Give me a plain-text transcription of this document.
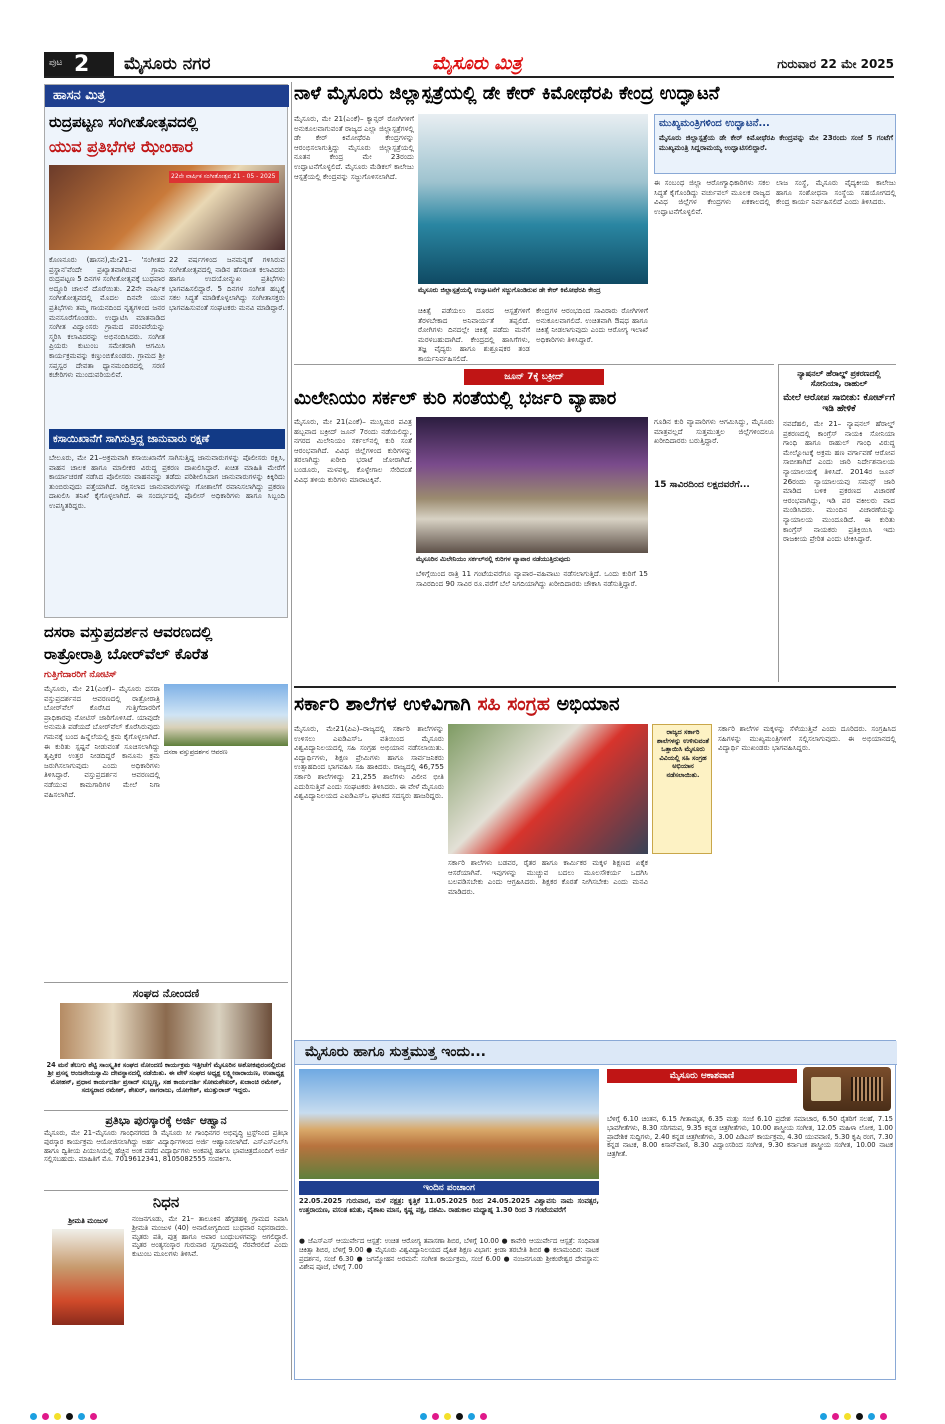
ಪುಟ 2 ಮೈಸೂರು ನಗರ	ಮೈಸೂರು ಮಿತ್ರ	ಗುರುವಾರ 22 ಮೇ 2025
ಹಾಸನ ಮಿತ್ರ
ರುದ್ರಪಟ್ಟಣ ಸಂಗೀತೋತ್ಸವದಲ್ಲಿ
ಯುವ ಪ್ರತಿಭೆಗಳ ಝೇಂಕಾರ
22ನೇ ವಾರ್ಷಿಕ ಸಂಗೀತೋತ್ಸವ 21 - 05 - 2025
ಕೊಣನೂರು (ಹಾಸನ),ಮೇ21– 'ಸಂಗೀತದ ಪ್ರಸ್ಥಾನ'ವೆಂದೇ ಪ್ರಖ್ಯಾತವಾಗಿರುವ ಗ್ರಾಮ ರುದ್ರಪಟ್ಟಣ 5 ದಿನಗಳ ಸಂಗೀತೋತ್ಸವಕ್ಕೆ ಬುಧವಾರ ಅದ್ದೂರಿ ಚಾಲನೆ ದೊರೆಯಿತು. 22ನೇ ವಾರ್ಷಿಕ ಸಂಗೀತೋತ್ಸವದಲ್ಲಿ ಮೊದಲ ದಿನವೇ ಯುವ ಪ್ರತಿಭೆಗಳು ತಮ್ಮ ಗಾಯನದಿಂದ ನೃತ್ಯಗಳಿಂದ ಜನರ ಮನಸೂರೆಗೊಂಡರು. ಉದ್ಘಾಟಿಸಿ ಮಾತನಾಡಿದ ಸಂಗೀತ ವಿದ್ವಾಂಸರು ಗ್ರಾಮದ ಪರಂಪರೆಯನ್ನು ಸ್ಮರಿಸಿ ಕಲಾವಿದರನ್ನು ಅಭಿನಂದಿಸಿದರು. ಸಂಗೀತ ಪ್ರಿಯರು ಕುಟುಂಬ ಸಮೇತರಾಗಿ ಆಗಮಿಸಿ ಕಾರ್ಯಕ್ರಮವನ್ನು ಕಣ್ತುಂಬಿಕೊಂಡರು. ಗ್ರಾಮದ ಶ್ರೀ ಸಪ್ತಸ್ವರ ದೇವತಾ ಧ್ಯಾನಮಂದಿರದಲ್ಲಿ ಸರಣಿ ಕಚೇರಿಗಳು ಮುಂದುವರಿಯಲಿವೆ.
22 ವರ್ಷಗಳಿಂದ ಜನಮನ್ನಣೆ ಗಳಿಸಿರುವ ಸಂಗೀತೋತ್ಸವದಲ್ಲಿ ನಾಡಿನ ಹೆಸರಾಂತ ಕಲಾವಿದರು ಹಾಗೂ ಉದಯೋನ್ಮುಖ ಪ್ರತಿಭೆಗಳು ಭಾಗವಹಿಸಲಿದ್ದಾರೆ. 5 ದಿನಗಳ ಸಂಗೀತ ಹಬ್ಬಕ್ಕೆ ಸಕಲ ಸಿದ್ಧತೆ ಮಾಡಿಕೊಳ್ಳಲಾಗಿದ್ದು ಸಂಗೀತಾಸಕ್ತರು ಭಾಗವಹಿಸುವಂತೆ ಸಂಘಟಕರು ಮನವಿ ಮಾಡಿದ್ದಾರೆ.
ಕಸಾಯಿಖಾನೆಗೆ ಸಾಗಿಸುತ್ತಿದ್ದ ಜಾನುವಾರು ರಕ್ಷಣೆ
ಬೇಲೂರು, ಮೇ 21–ಅಕ್ರಮವಾಗಿ ಕಸಾಯಿಖಾನೆಗೆ ಸಾಗಿಸುತ್ತಿದ್ದ ಜಾನುವಾರುಗಳನ್ನು ಪೊಲೀಸರು ರಕ್ಷಿಸಿ, ವಾಹನ ಚಾಲಕ ಹಾಗೂ ಮಾಲೀಕರ ವಿರುದ್ಧ ಪ್ರಕರಣ ದಾಖಲಿಸಿದ್ದಾರೆ. ಖಚಿತ ಮಾಹಿತಿ ಮೇರೆಗೆ ಕಾರ್ಯಾಚರಣೆ ನಡೆಸಿದ ಪೊಲೀಸರು ವಾಹನವನ್ನು ತಡೆದು ಪರಿಶೀಲಿಸಿದಾಗ ಜಾನುವಾರುಗಳನ್ನು ಕಿಕ್ಕಿರಿದು ತುಂಬಿರುವುದು ಪತ್ತೆಯಾಗಿದೆ. ರಕ್ಷಿಸಲಾದ ಜಾನುವಾರುಗಳನ್ನು ಗೋಶಾಲೆಗೆ ರವಾನಿಸಲಾಗಿದ್ದು ಪ್ರಕರಣ ದಾಖಲಿಸಿ ತನಿಖೆ ಕೈಗೊಳ್ಳಲಾಗಿದೆ. ಈ ಸಂದರ್ಭದಲ್ಲಿ ಪೊಲೀಸ್ ಅಧಿಕಾರಿಗಳು ಹಾಗೂ ಸಿಬ್ಬಂದಿ ಉಪಸ್ಥಿತರಿದ್ದರು.
ದಸರಾ ವಸ್ತುಪ್ರದರ್ಶನ ಆವರಣದಲ್ಲಿ
ರಾತ್ರೋರಾತ್ರಿ ಬೋರ್‌ವೆಲ್ ಕೊರೆತ
ಗುತ್ತಿಗೆದಾರರಿಗೆ ನೋಟಿಸ್
ಮೈಸೂರು, ಮೇ 21(ಎಂಕೆ)– ಮೈಸೂರು ದಸರಾ ವಸ್ತುಪ್ರದರ್ಶನದ ಆವರಣದಲ್ಲಿ ರಾತ್ರೋರಾತ್ರಿ ಬೋರ್‌ವೆಲ್ ಕೊರೆಸಿದ ಗುತ್ತಿಗೆದಾರರಿಗೆ ಪ್ರಾಧಿಕಾರವು ನೋಟಿಸ್ ಜಾರಿಗೊಳಿಸಿದೆ. ಯಾವುದೇ ಅನುಮತಿ ಪಡೆಯದೆ ಬೋರ್‌ವೆಲ್ ಕೊರೆಸಿರುವುದು ಗಮನಕ್ಕೆ ಬಂದ ಹಿನ್ನೆಲೆಯಲ್ಲಿ ಕ್ರಮ ಕೈಗೊಳ್ಳಲಾಗಿದೆ. ಈ ಕುರಿತು ಸ್ಪಷ್ಟನೆ ನೀಡುವಂತೆ ಸೂಚಿಸಲಾಗಿದ್ದು ತೃಪ್ತಿಕರ ಉತ್ತರ ನೀಡದಿದ್ದರೆ ಕಾನೂನು ಕ್ರಮ ಜರುಗಿಸಲಾಗುವುದು ಎಂದು ಅಧಿಕಾರಿಗಳು ತಿಳಿಸಿದ್ದಾರೆ. ವಸ್ತುಪ್ರದರ್ಶನ ಆವರಣದಲ್ಲಿ ನಡೆಯುವ ಕಾಮಗಾರಿಗಳ ಮೇಲೆ ನಿಗಾ ವಹಿಸಲಾಗಿದೆ.
ದಸರಾ ವಸ್ತುಪ್ರದರ್ಶನ ಆವರಣ
ಸಂಘದ ನೋಂದಣಿ
24 ಮನೆ ತೆಲುಗು ಶೆಟ್ಟಿ ಸಾಂಸ್ಕೃತಿಕ ಸಂಘದ ನೋಂದಣಿ ಕಾರ್ಯಕ್ರಮ ಇತ್ತೀಚೆಗೆ ಮೈಸೂರಿನ ಅಶೋಕಪುರಂನಲ್ಲಿರುವ ಶ್ರೀ ಪ್ರಸನ್ನ ಆಂಜನೇಯಸ್ವಾಮಿ ದೇವಸ್ಥಾನದಲ್ಲಿ ನಡೆಯಿತು. ಈ ವೇಳೆ ಸಂಘದ ಅಧ್ಯಕ್ಷ ಲಕ್ಷ್ಮೀನಾರಾಯಣ, ಉಪಾಧ್ಯಕ್ಷ ಮೋಹನ್, ಪ್ರಧಾನ ಕಾರ್ಯದರ್ಶಿ ಪ್ರಸಾದ್ ಸುಬ್ಬಣ್ಣ, ಸಹ ಕಾರ್ಯದರ್ಶಿ ಸೋಮಶೇಖರ್, ಖಜಾಂಚಿ ರಮೇಶ್, ಸದಸ್ಯರಾದ ರಮೇಶ್, ಶೇಖರ್, ನಾಗರಾಜು, ಯೋಗೇಶ್, ಮುತ್ತುರಾಜ್ ಇದ್ದರು.
ಪ್ರತಿಭಾ ಪುರಸ್ಕಾರಕ್ಕೆ ಅರ್ಜಿ ಆಹ್ವಾನ
ಮೈಸೂರು, ಮೇ 21–ಮೈಸೂರು ಗಾಂಧಿನಗರದ ಡಿ ಮೈಸೂರು ಸೀ ಗಾಂಧಿನಗರ ಅಭಿವೃದ್ಧಿ ಟ್ರಸ್ಟ್‌ನಿಂದ ಪ್ರತಿಭಾ ಪುರಸ್ಕಾರ ಕಾರ್ಯಕ್ರಮ ಆಯೋಜಿಸಲಾಗಿದ್ದು ಅರ್ಹ ವಿದ್ಯಾರ್ಥಿಗಳಿಂದ ಅರ್ಜಿ ಆಹ್ವಾನಿಸಲಾಗಿದೆ. ಎಸ್ಎಸ್ಎಲ್‌ಸಿ ಹಾಗೂ ದ್ವಿತೀಯ ಪಿಯುಸಿಯಲ್ಲಿ ಹೆಚ್ಚಿನ ಅಂಕ ಪಡೆದ ವಿದ್ಯಾರ್ಥಿಗಳು ಅಂಕಪಟ್ಟಿ ಹಾಗೂ ಭಾವಚಿತ್ರದೊಂದಿಗೆ ಅರ್ಜಿ ಸಲ್ಲಿಸಬಹುದು. ಮಾಹಿತಿಗೆ ಮೊ. 7019612341, 8105082555 ಸಂಪರ್ಕಿಸಿ.
ನಿಧನ
ಶ್ರೀಮತಿ ಮಂಜುಳ	ನಂಜನಗೂಡು, ಮೇ 21– ತಾಲೂಕಿನ ಹೆಗ್ಗಡಹಳ್ಳಿ ಗ್ರಾಮದ ನಿವಾಸಿ ಶ್ರೀಮತಿ ಮಂಜುಳ (40) ಅನಾರೋಗ್ಯದಿಂದ ಬುಧವಾರ ನಿಧನರಾದರು. ಮೃತರು ಪತಿ, ಪುತ್ರ ಹಾಗೂ ಅಪಾರ ಬಂಧುಬಳಗವನ್ನು ಅಗಲಿದ್ದಾರೆ. ಮೃತರ ಅಂತ್ಯಸಂಸ್ಕಾರ ಗುರುವಾರ ಸ್ವಗ್ರಾಮದಲ್ಲಿ ನೆರವೇರಲಿದೆ ಎಂದು ಕುಟುಂಬ ಮೂಲಗಳು ತಿಳಿಸಿವೆ.
ನಾಳೆ ಮೈಸೂರು ಜಿಲ್ಲಾಸ್ಪತ್ರೆಯಲ್ಲಿ ಡೇ ಕೇರ್ ಕಿಮೋಥೆರಪಿ ಕೇಂದ್ರ ಉದ್ಘಾಟನೆ
ಮೈಸೂರು, ಮೇ 21(ಎಂಕೆ)– ಕ್ಯಾನ್ಸರ್ ರೋಗಿಗಳಿಗೆ ಅನುಕೂಲವಾಗುವಂತೆ ರಾಜ್ಯದ ಎಲ್ಲಾ ಜಿಲ್ಲಾಸ್ಪತ್ರೆಗಳಲ್ಲಿ ಡೇ ಕೇರ್ ಕಿಮೋಥೆರಪಿ ಕೇಂದ್ರಗಳನ್ನು ಆರಂಭಿಸಲಾಗುತ್ತಿದ್ದು ಮೈಸೂರು ಜಿಲ್ಲಾಸ್ಪತ್ರೆಯಲ್ಲಿ ನೂತನ ಕೇಂದ್ರ ಮೇ 23ರಂದು ಉದ್ಘಾಟನೆಗೊಳ್ಳಲಿದೆ. ಮೈಸೂರು ಮೆಡಿಕಲ್ ಕಾಲೇಜು ಆಸ್ಪತ್ರೆಯಲ್ಲಿ ಕೇಂದ್ರವನ್ನು ಸಜ್ಜುಗೊಳಿಸಲಾಗಿದೆ.
ಮೈಸೂರು ಜಿಲ್ಲಾಸ್ಪತ್ರೆಯಲ್ಲಿ ಉದ್ಘಾಟನೆಗೆ ಸಜ್ಜುಗೊಂಡಿರುವ ಡೇ ಕೇರ್ ಕಿಮೋಥೆರಪಿ ಕೇಂದ್ರ
ಚಿಕಿತ್ಸೆ ಪಡೆಯಲು ದೂರದ ಆಸ್ಪತ್ರೆಗಳಿಗೆ ತೆರಳಬೇಕಾದ ಅನಿವಾರ್ಯತೆ ತಪ್ಪಲಿದೆ. ರೋಗಿಗಳು ದಿನದಲ್ಲೇ ಚಿಕಿತ್ಸೆ ಪಡೆದು ಮನೆಗೆ ಮರಳಬಹುದಾಗಿದೆ. ಕೇಂದ್ರದಲ್ಲಿ ಹಾಸಿಗೆಗಳು, ತಜ್ಞ ವೈದ್ಯರು ಹಾಗೂ ಶುಶ್ರೂಷಕರ ತಂಡ ಕಾರ್ಯನಿರ್ವಹಿಸಲಿದೆ.
ಕೇಂದ್ರಗಳ ಆರಂಭದಿಂದ ಸಾವಿರಾರು ರೋಗಿಗಳಿಗೆ ಅನುಕೂಲವಾಗಲಿದೆ. ಉಚಿತವಾಗಿ ಔಷಧ ಹಾಗೂ ಚಿಕಿತ್ಸೆ ನೀಡಲಾಗುವುದು ಎಂದು ಆರೋಗ್ಯ ಇಲಾಖೆ ಅಧಿಕಾರಿಗಳು ತಿಳಿಸಿದ್ದಾರೆ.
ಮುಖ್ಯಮಂತ್ರಿಗಳಿಂದ ಉದ್ಘಾಟನೆ...
ಮೈಸೂರು ಜಿಲ್ಲಾಸ್ಪತ್ರೆಯ ಡೇ ಕೇರ್ ಕಿಮೋಥೆರಪಿ ಕೇಂದ್ರವನ್ನು ಮೇ 23ರಂದು ಸಂಜೆ 5 ಗಂಟೆಗೆ ಮುಖ್ಯಮಂತ್ರಿ ಸಿದ್ದರಾಮಯ್ಯ ಉದ್ಘಾಟಿಸಲಿದ್ದಾರೆ.
ಈ ಸಂಬಂಧ ಜಿಲ್ಲಾ ಆರೋಗ್ಯಾಧಿಕಾರಿಗಳು ಸಕಲ ಸಿದ್ಧತೆ ಕೈಗೊಂಡಿದ್ದು ವರ್ಚುವಲ್ ಮೂಲಕ ರಾಜ್ಯದ ವಿವಿಧ ಜಿಲ್ಲೆಗಳ ಕೇಂದ್ರಗಳು ಏಕಕಾಲದಲ್ಲಿ ಉದ್ಘಾಟನೆಗೊಳ್ಳಲಿವೆ.
ಲಾಜ ಸಂಸ್ಥೆ, ಮೈಸೂರು ವೈದ್ಯಕೀಯ ಕಾಲೇಜು ಹಾಗೂ ಸಂಶೋಧನಾ ಸಂಸ್ಥೆಯ ಸಹಯೋಗದಲ್ಲಿ ಕೇಂದ್ರ ಕಾರ್ಯ ನಿರ್ವಹಿಸಲಿದೆ ಎಂದು ತಿಳಿಸಿದರು.
ಜೂನ್ 7ಕ್ಕೆ ಬಕ್ರೀದ್
ಮಿಲೇನಿಯಂ ಸರ್ಕಲ್ ಕುರಿ ಸಂತೆಯಲ್ಲಿ ಭರ್ಜರಿ ವ್ಯಾಪಾರ
ಮೈಸೂರು, ಮೇ 21(ಎಂಕೆ)– ಮುಸ್ಲಿಮರ ಪವಿತ್ರ ಹಬ್ಬವಾದ ಬಕ್ರೀದ್ ಜೂನ್ 7ರಂದು ನಡೆಯಲಿದ್ದು, ನಗರದ ಮಿಲೇನಿಯಂ ಸರ್ಕಲ್‌ನಲ್ಲಿ ಕುರಿ ಸಂತೆ ಆರಂಭವಾಗಿದೆ. ವಿವಿಧ ಜಿಲ್ಲೆಗಳಿಂದ ಕುರಿಗಳನ್ನು ತರಲಾಗಿದ್ದು ಖರೀದಿ ಭರಾಟೆ ಜೋರಾಗಿದೆ. ಬಂಡೂರು, ಮಳವಳ್ಳಿ, ಕೊಳ್ಳೇಗಾಲ ಸೇರಿದಂತೆ ವಿವಿಧ ತಳಿಯ ಕುರಿಗಳು ಮಾರಾಟಕ್ಕಿವೆ.
ಮೈಸೂರಿನ ಮಿಲೇನಿಯಂ ಸರ್ಕಲ್‌ನಲ್ಲಿ ಕುರಿಗಳ ವ್ಯಾಪಾರ ನಡೆಯುತ್ತಿರುವುದು
ಬೆಳಿಗ್ಗೆಯಿಂದ ರಾತ್ರಿ 11 ಗಂಟೆಯವರೆಗೂ ವ್ಯಾಪಾರ–ವಹಿವಾಟು ನಡೆಸಲಾಗುತ್ತಿದೆ. ಒಂದು ಕುರಿಗೆ 15 ಸಾವಿರದಿಂದ 90 ಸಾವಿರ ರೂ.ವರೆಗೆ ಬೆಲೆ ನಿಗದಿಯಾಗಿದ್ದು ಖರೀದಿದಾರರು ಚೌಕಾಸಿ ನಡೆಸುತ್ತಿದ್ದಾರೆ.
ಗೂಡಿನ ಕುರಿ ವ್ಯಾಪಾರಿಗಳು ಆಗಮಿಸಿದ್ದು, ಮೈಸೂರು ಮಾತ್ರವಲ್ಲದೆ ಸುತ್ತಮುತ್ತಲ ಜಿಲ್ಲೆಗಳಿಂದಲೂ ಖರೀದಿದಾರರು ಬರುತ್ತಿದ್ದಾರೆ.
15 ಸಾವಿರದಿಂದ ಲಕ್ಷದವರೆಗೆ...
ನ್ಯಾಷನಲ್ ಹೆರಾಲ್ಡ್ ಪ್ರಕರಣದಲ್ಲಿ ಸೋನಿಯಾ, ರಾಹುಲ್
ಮೇಲೆ ಆರೋಪ ಸಾಬೀತು: ಕೋರ್ಟ್‌ಗೆ ಇಡಿ ಹೇಳಿಕೆ
ನವದೆಹಲಿ, ಮೇ 21– ನ್ಯಾಷನಲ್ ಹೆರಾಲ್ಡ್ ಪ್ರಕರಣದಲ್ಲಿ ಕಾಂಗ್ರೆಸ್ ನಾಯಕಿ ಸೋನಿಯಾ ಗಾಂಧಿ ಹಾಗೂ ರಾಹುಲ್ ಗಾಂಧಿ ವಿರುದ್ಧ ಮೇಲ್ನೋಟಕ್ಕೆ ಅಕ್ರಮ ಹಣ ವರ್ಗಾವಣೆ ಆರೋಪ ಸಾಬೀತಾಗಿದೆ ಎಂದು ಜಾರಿ ನಿರ್ದೇಶನಾಲಯ ನ್ಯಾಯಾಲಯಕ್ಕೆ ತಿಳಿಸಿದೆ. 2014ರ ಜೂನ್ 26ರಂದು ನ್ಯಾಯಾಲಯವು ಸಮನ್ಸ್ ಜಾರಿ ಮಾಡಿದ ಬಳಿಕ ಪ್ರಕರಣದ ವಿಚಾರಣೆ ಆರಂಭವಾಗಿದ್ದು, ಇಡಿ ಪರ ವಕೀಲರು ವಾದ ಮಂಡಿಸಿದರು. ಮುಂದಿನ ವಿಚಾರಣೆಯನ್ನು ನ್ಯಾಯಾಲಯ ಮುಂದೂಡಿದೆ. ಈ ಕುರಿತು ಕಾಂಗ್ರೆಸ್ ನಾಯಕರು ಪ್ರತಿಕ್ರಿಯಿಸಿ ಇದು ರಾಜಕೀಯ ಪ್ರೇರಿತ ಎಂದು ಟೀಕಿಸಿದ್ದಾರೆ.
ಸರ್ಕಾರಿ ಶಾಲೆಗಳ ಉಳಿವಿಗಾಗಿ ಸಹಿ ಸಂಗ್ರಹ ಅಭಿಯಾನ
ಮೈಸೂರು, ಮೇ21(ಪಿಎ)–ರಾಜ್ಯದಲ್ಲಿ ಸರ್ಕಾರಿ ಶಾಲೆಗಳನ್ನು ಉಳಿಸಲು ಎಐಡಿಎಸ್‌ಒ ವತಿಯಿಂದ ಮೈಸೂರು ವಿಶ್ವವಿದ್ಯಾನಿಲಯದಲ್ಲಿ ಸಹಿ ಸಂಗ್ರಹ ಅಭಿಯಾನ ನಡೆಸಲಾಯಿತು. ವಿದ್ಯಾರ್ಥಿಗಳು, ಶಿಕ್ಷಣ ಪ್ರೇಮಿಗಳು ಹಾಗೂ ಸಾರ್ವಜನಿಕರು ಉತ್ಸಾಹದಿಂದ ಭಾಗವಹಿಸಿ ಸಹಿ ಹಾಕಿದರು. ರಾಜ್ಯದಲ್ಲಿ 46,755 ಸರ್ಕಾರಿ ಶಾಲೆಗಳಿದ್ದು 21,255 ಶಾಲೆಗಳು ವಿಲೀನ ಭೀತಿ ಎದುರಿಸುತ್ತಿವೆ ಎಂದು ಸಂಘಟಕರು ತಿಳಿಸಿದರು. ಈ ವೇಳೆ ಮೈಸೂರು ವಿಶ್ವವಿದ್ಯಾನಿಲಯದ ಎಐಡಿಎಸ್‌ಒ ಘಟಕದ ಸದಸ್ಯರು ಹಾಜರಿದ್ದರು.
ಸರ್ಕಾರಿ ಶಾಲೆಗಳು ಬಡವರ, ರೈತರ ಹಾಗೂ ಕಾರ್ಮಿಕರ ಮಕ್ಕಳ ಶಿಕ್ಷಣದ ಏಕೈಕ ಆಸರೆಯಾಗಿವೆ. ಇವುಗಳನ್ನು ಮುಚ್ಚುವ ಬದಲು ಮೂಲಸೌಕರ್ಯ ಒದಗಿಸಿ ಬಲಪಡಿಸಬೇಕು ಎಂದು ಆಗ್ರಹಿಸಿದರು. ಶಿಕ್ಷಕರ ಕೊರತೆ ನೀಗಿಸಬೇಕು ಎಂದು ಮನವಿ ಮಾಡಿದರು.
ರಾಜ್ಯದ ಸರ್ಕಾರಿ ಶಾಲೆಗಳನ್ನು ಉಳಿಸುವಂತೆ ಒತ್ತಾಯಿಸಿ ಮೈಸೂರು ವಿವಿಯಲ್ಲಿ ಸಹಿ ಸಂಗ್ರಹ ಅಭಿಯಾನ ನಡೆಸಲಾಯಿತು.
ಸರ್ಕಾರಿ ಶಾಲೆಗಳ ಮಕ್ಕಳನ್ನು ಸೆಳೆಯುತ್ತಿವೆ ಎಂದು ದೂರಿದರು. ಸಂಗ್ರಹಿಸಿದ ಸಹಿಗಳನ್ನು ಮುಖ್ಯಮಂತ್ರಿಗಳಿಗೆ ಸಲ್ಲಿಸಲಾಗುವುದು. ಈ ಅಭಿಯಾನದಲ್ಲಿ ವಿದ್ಯಾರ್ಥಿ ಮುಖಂಡರು ಭಾಗವಹಿಸಿದ್ದರು.
ಮೈಸೂರು ಹಾಗೂ ಸುತ್ತಮುತ್ತ ಇಂದು...
ಇಂದಿನ ಪಂಚಾಂಗ
22.05.2025 ಗುರುವಾರ, ಮಳೆ ನಕ್ಷತ್ರ: ಕೃತ್ತಿಕೆ 11.05.2025 ರಿಂದ 24.05.2025 ವಿಶ್ವಾವಸು ನಾಮ ಸಂವತ್ಸರ, ಉತ್ತರಾಯಣ, ವಸಂತ ಋತು, ವೈಶಾಖ ಮಾಸ, ಕೃಷ್ಣ ಪಕ್ಷ, ದಶಮಿ. ರಾಹುಕಾಲ ಮಧ್ಯಾಹ್ನ 1.30 ರಿಂದ 3 ಗಂಟೆಯವರೆಗೆ
● ಜೆಎಸ್ಎಸ್ ಆಯುರ್ವೇದ ಆಸ್ಪತ್ರೆ: ಉಚಿತ ಆರೋಗ್ಯ ತಪಾಸಣಾ ಶಿಬಿರ, ಬೆಳಿಗ್ಗೆ 10.00 ● ಕಾವೇರಿ ಆಯುರ್ವೇದ ಆಸ್ಪತ್ರೆ: ಸಂಧಿವಾತ ಚಿಕಿತ್ಸಾ ಶಿಬಿರ, ಬೆಳಿಗ್ಗೆ 9.00 ● ಮೈಸೂರು ವಿಶ್ವವಿದ್ಯಾನಿಲಯದ ದೈಹಿಕ ಶಿಕ್ಷಣ ವಿಭಾಗ: ಕ್ರೀಡಾ ತರಬೇತಿ ಶಿಬಿರ ● ಕಲಾಮಂದಿರ: ನಾಟಕ ಪ್ರದರ್ಶನ, ಸಂಜೆ 6.30 ● ಜಗನ್ಮೋಹನ ಅರಮನೆ: ಸಂಗೀತ ಕಾರ್ಯಕ್ರಮ, ಸಂಜೆ 6.00 ● ನಂಜನಗೂಡು ಶ್ರೀಕಂಠೇಶ್ವರ ದೇವಸ್ಥಾನ: ವಿಶೇಷ ಪೂಜೆ, ಬೆಳಿಗ್ಗೆ 7.00
ಮೈಸೂರು ಆಕಾಶವಾಣಿ
ಬೆಳಿಗ್ಗೆ 6.10 ಚಿಂತನ, 6.15 ಗೀತಾಮೃತ, 6.35 ಮತ್ತು ಸಂಜೆ 6.10 ಪ್ರದೇಶ ಸಮಾಚಾರ, 6.50 ರೈತರಿಗೆ ಸಲಹೆ, 7.15 ಭಾವಗೀತೆಗಳು, 8.30 ಸರಿಗಮಪ, 9.35 ಕನ್ನಡ ಚಿತ್ರಗೀತೆಗಳು, 10.00 ಶಾಸ್ತ್ರೀಯ ಸಂಗೀತ, 12.05 ಮಹಿಳಾ ಲೋಕ, 1.00 ಪ್ರಾದೇಶಿಕ ಸುದ್ದಿಗಳು, 2.40 ಕನ್ನಡ ಚಿತ್ರಗೀತೆಗಳು, 3.00 ಪಿಡಿಎಸ್ ಕಾರ್ಯಕ್ರಮ, 4.30 ಯುವವಾಣಿ, 5.30 ಕೃಷಿ ರಂಗ, 7.30 ಕನ್ನಡ ನಾಟಕ, 8.00 ಕಿಸಾನ್‌ವಾಣಿ, 8.30 ವಿದ್ವಾಂಸರಿಂದ ಸಂಗೀತ, 9.30 ಕರ್ನಾಟಕ ಶಾಸ್ತ್ರೀಯ ಸಂಗೀತ, 10.00 ನಾಟಕ ಚಿತ್ರಗೀತೆ.
